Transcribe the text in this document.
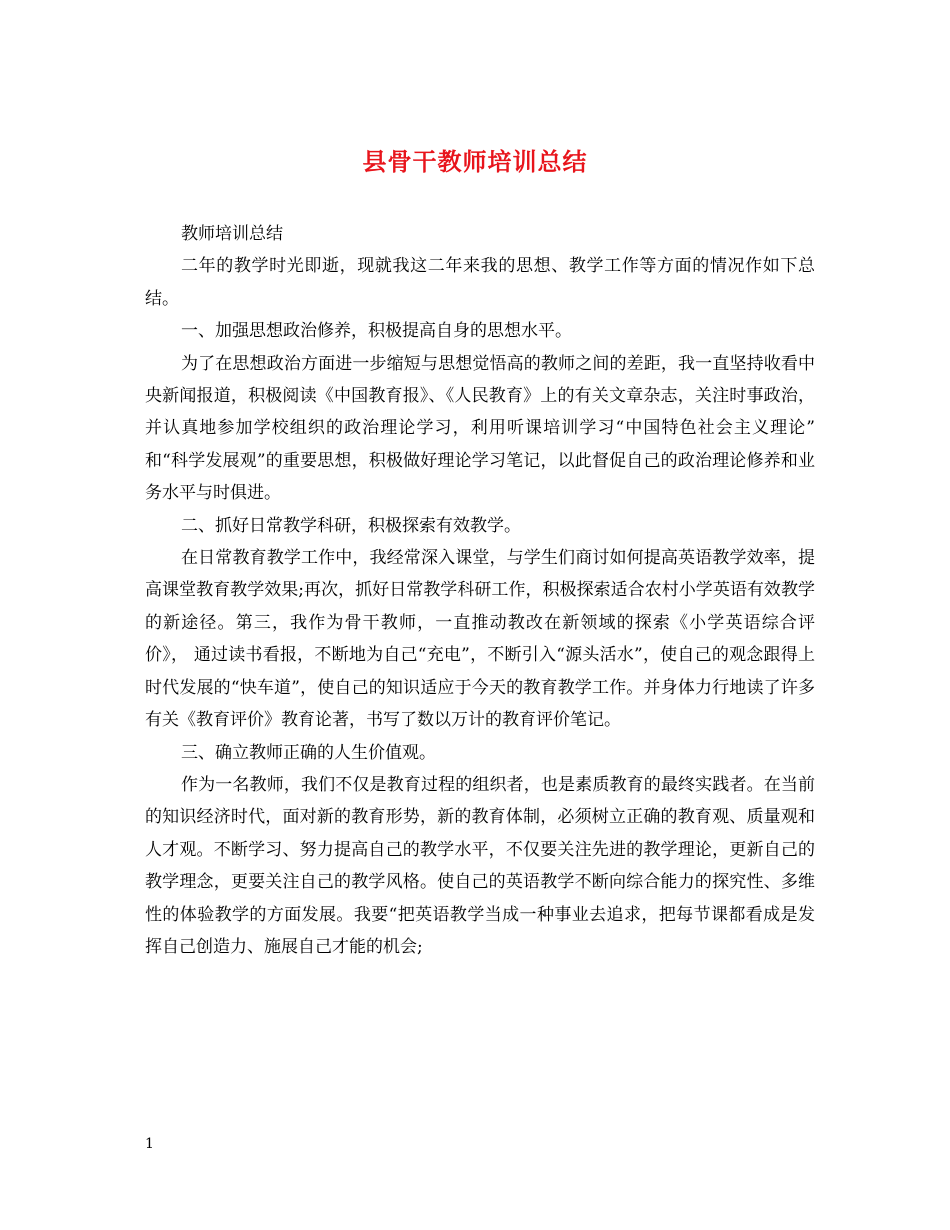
县骨干教师培训总结

教师培训总结

二年的教学时光即逝，现就我这二年来我的思想、教学工作等方面的情况作如下总结。

一、加强思想政治修养，积极提高自身的思想水平。

为了在思想政治方面进一步缩短与思想觉悟高的教师之间的差距，我一直坚持收看中央新闻报道，积极阅读《中国教育报》、《人民教育》上的有关文章杂志，关注时事政治，并认真地参加学校组织的政治理论学习，利用听课培训学习“中国特色社会主义理论” 和“科学发展观”的重要思想，积极做好理论学习笔记，以此督促自己的政治理论修养和业务水平与时俱进。

二、抓好日常教学科研，积极探索有效教学。

在日常教育教学工作中，我经常深入课堂，与学生们商讨如何提高英语教学效率，提高课堂教育教学效果;再次，抓好日常教学科研工作，积极探索适合农村小学英语有效教学的新途径。第三，我作为骨干教师，一直推动教改在新领域的探索《小学英语综合评价》， 通过读书看报，不断地为自己“充电”，不断引入“源头活水”，使自己的观念跟得上时代发展的“快车道”，使自己的知识适应于今天的教育教学工作。并身体力行地读了许多有关《教育评价》教育论著，书写了数以万计的教育评价笔记。

三、确立教师正确的人生价值观。

作为一名教师，我们不仅是教育过程的组织者，也是素质教育的最终实践者。在当前的知识经济时代，面对新的教育形势，新的教育体制，必须树立正确的教育观、质量观和人才观。不断学习、努力提高自己的教学水平，不仅要关注先进的教学理论，更新自己的教学理念，更要关注自己的教学风格。使自己的英语教学不断向综合能力的探究性、多维性的体验教学的方面发展。我要“把英语教学当成一种事业去追求，把每节课都看成是发挥自己创造力、施展自己才能的机会;

1
